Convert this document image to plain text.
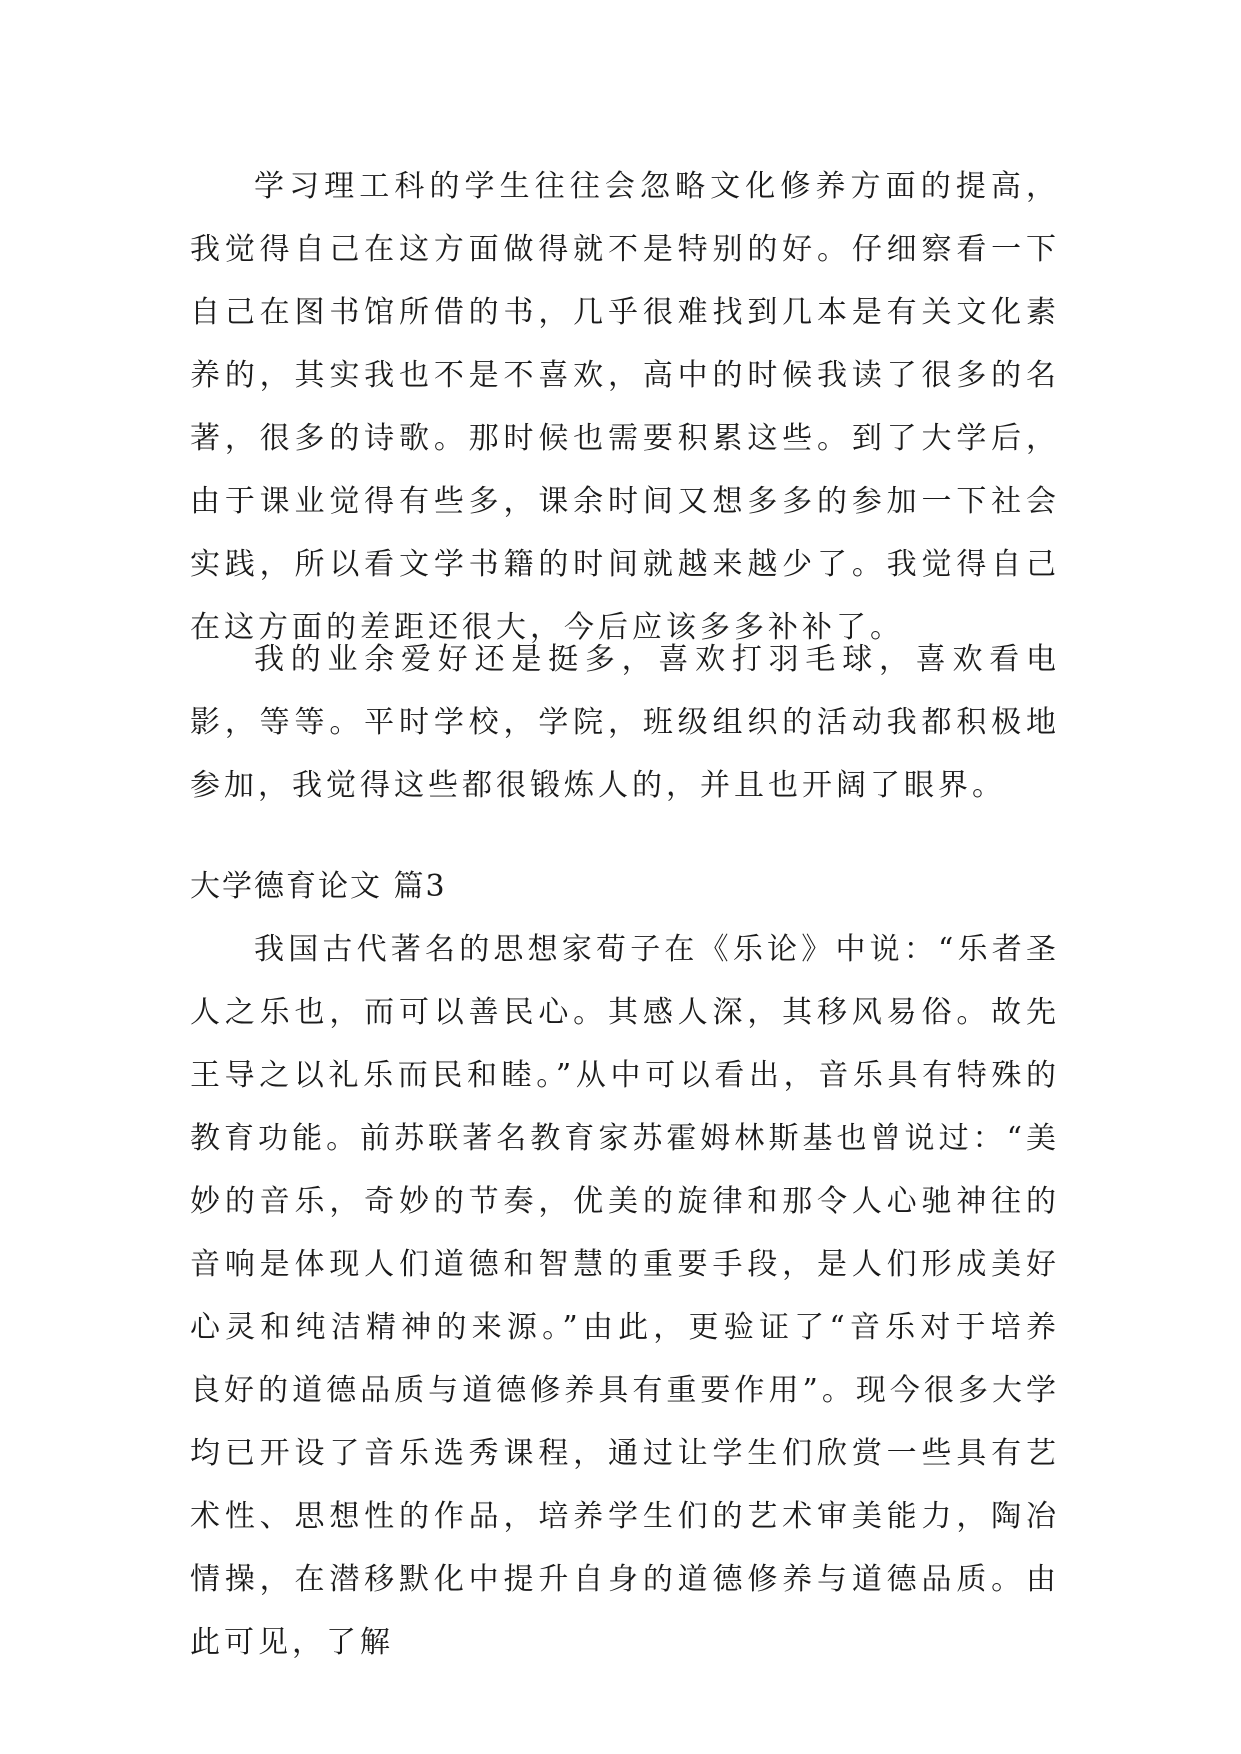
学习理工科的学生往往会忽略文化修养方面的提高，我觉得自己在这方面做得就不是特别的好。仔细察看一下自己在图书馆所借的书，几乎很难找到几本是有关文化素养的，其实我也不是不喜欢，高中的时候我读了很多的名著，很多的诗歌。那时候也需要积累这些。到了大学后，由于课业觉得有些多，课余时间又想多多的参加一下社会实践，所以看文学书籍的时间就越来越少了。我觉得自己在这方面的差距还很大，今后应该多多补补了。

我的业余爱好还是挺多，喜欢打羽毛球，喜欢看电影，等等。平时学校，学院，班级组织的活动我都积极地参加，我觉得这些都很锻炼人的，并且也开阔了眼界。

大学德育论文 篇3

我国古代著名的思想家荀子在《乐论》中说：“乐者圣人之乐也，而可以善民心。其感人深，其移风易俗。故先王导之以礼乐而民和睦。”从中可以看出，音乐具有特殊的教育功能。前苏联著名教育家苏霍姆林斯基也曾说过：“美妙的音乐，奇妙的节奏，优美的旋律和那令人心驰神往的音响是体现人们道德和智慧的重要手段，是人们形成美好心灵和纯洁精神的来源。”由此，更验证了“音乐对于培养良好的道德品质与道德修养具有重要作用”。现今很多大学均已开设了音乐选秀课程，通过让学生们欣赏一些具有艺术性、思想性的作品，培养学生们的艺术审美能力，陶冶情操，在潜移默化中提升自身的道德修养与道德品质。由此可见，了解
